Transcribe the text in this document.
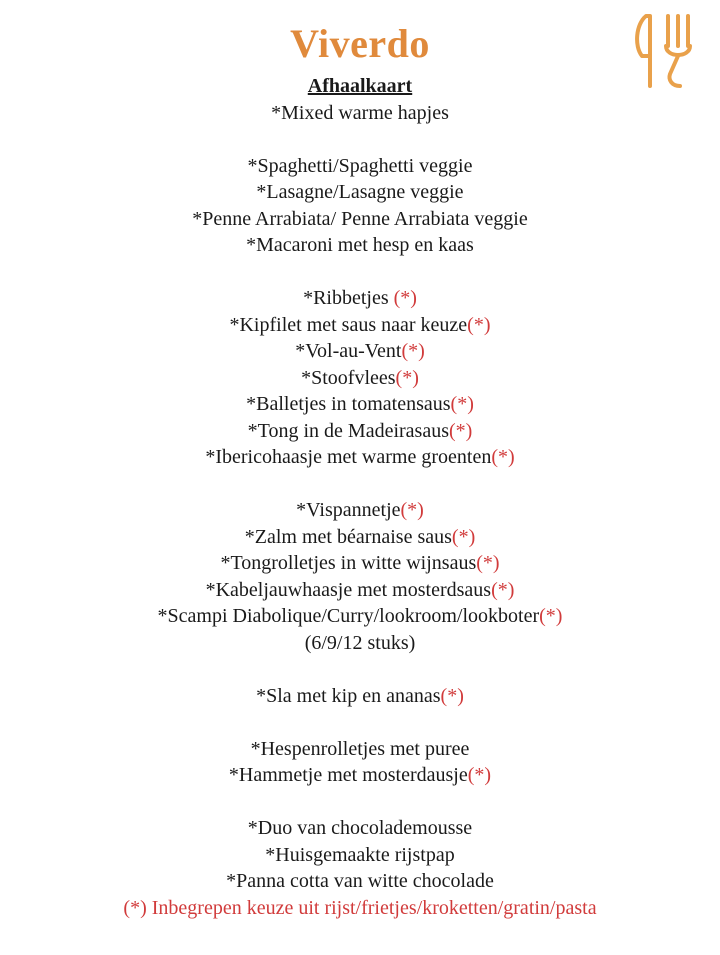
Viverdo
Afhaalkaart
*Mixed warme hapjes
*Spaghetti/Spaghetti veggie
*Lasagne/Lasagne veggie
*Penne Arrabiata/ Penne Arrabiata veggie
*Macaroni met hesp en kaas
*Ribbetjes (*)
*Kipfilet met saus naar keuze(*)
*Vol-au-Vent(*)
*Stoofvlees(*)
*Balletjes in tomatensaus(*)
*Tong in de Madeirasaus(*)
*Ibericohaasje met warme groenten(*)
*Vispannetje(*)
*Zalm met béarnaise saus(*)
*Tongrolletjes in witte wijnsaus(*)
*Kabeljauwhaasje met mosterdsaus(*)
*Scampi Diabolique/Curry/lookroom/lookboter(*)
(6/9/12 stuks)
*Sla met kip en ananas(*)
*Hespenrolletjes met puree
*Hammetje met mosterdausje(*)
*Duo van chocolademousse
*Huisgemaakte rijstpap
*Panna cotta van witte chocolade
(*) Inbegrepen keuze uit rijst/frietjes/kroketten/gratin/pasta
